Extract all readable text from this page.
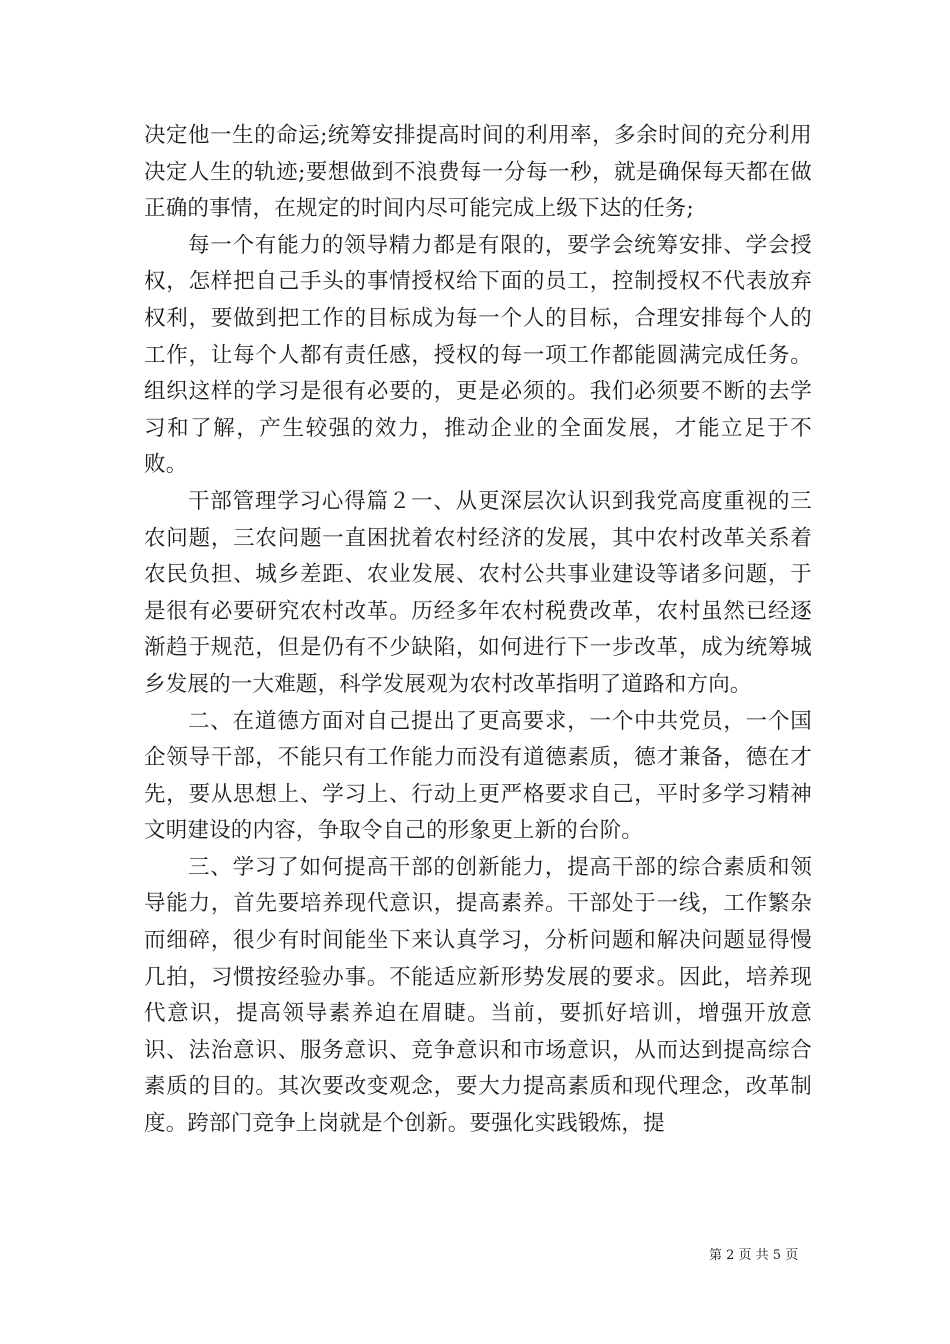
决定他一生的命运;统筹安排提高时间的利用率，多余时间的充分利用决定人生的轨迹;要想做到不浪费每一分每一秒，就是确保每天都在做正确的事情，在规定的时间内尽可能完成上级下达的任务;

每一个有能力的领导精力都是有限的，要学会统筹安排、学会授权，怎样把自己手头的事情授权给下面的员工，控制授权不代表放弃权利，要做到把工作的目标成为每一个人的目标，合理安排每个人的工作，让每个人都有责任感，授权的每一项工作都能圆满完成任务。组织这样的学习是很有必要的，更是必须的。我们必须要不断的去学习和了解，产生较强的效力，推动企业的全面发展，才能立足于不败。

干部管理学习心得篇２一、从更深层次认识到我党高度重视的三农问题，三农问题一直困扰着农村经济的发展，其中农村改革关系着农民负担、城乡差距、农业发展、农村公共事业建设等诸多问题，于是很有必要研究农村改革。历经多年农村税费改革，农村虽然已经逐渐趋于规范，但是仍有不少缺陷，如何进行下一步改革，成为统筹城乡发展的一大难题，科学发展观为农村改革指明了道路和方向。

二、在道德方面对自己提出了更高要求，一个中共党员，一个国企领导干部，不能只有工作能力而没有道德素质，德才兼备，德在才先，要从思想上、学习上、行动上更严格要求自己，平时多学习精神文明建设的内容，争取令自己的形象更上新的台阶。

三、学习了如何提高干部的创新能力，提高干部的综合素质和领导能力，首先要培养现代意识，提高素养。干部处于一线，工作繁杂而细碎，很少有时间能坐下来认真学习，分析问题和解决问题显得慢几拍，习惯按经验办事。不能适应新形势发展的要求。因此，培养现代意识，提高领导素养迫在眉睫。当前，要抓好培训，增强开放意识、法治意识、服务意识、竞争意识和市场意识，从而达到提高综合素质的目的。其次要改变观念，要大力提高素质和现代理念，改革制度。跨部门竞争上岗就是个创新。要强化实践锻炼，提

第 2 页 共 5 页
